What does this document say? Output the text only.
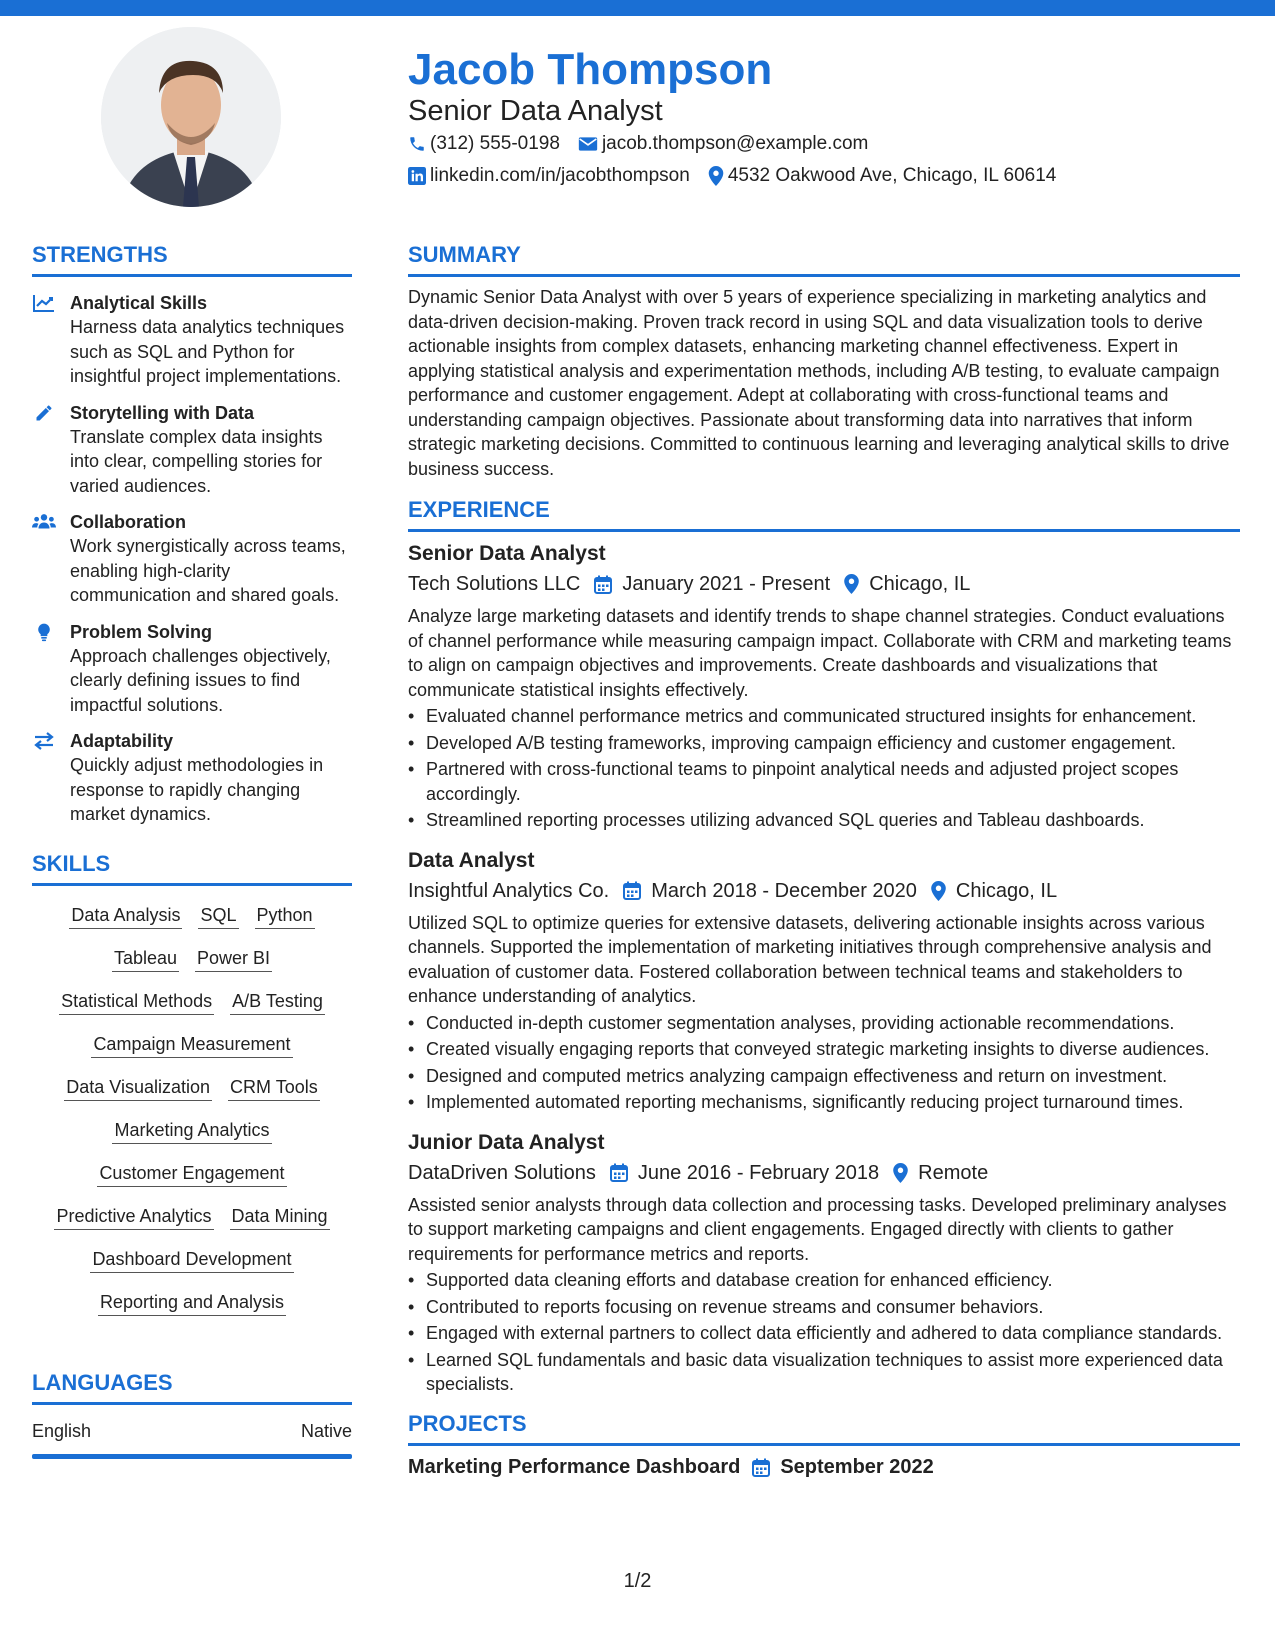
Jacob Thompson
Senior Data Analyst
(312) 555-0198 jacob.thompson@example.com
linkedin.com/in/jacobthompson 4532 Oakwood Ave, Chicago, IL 60614
STRENGTHS
Analytical Skills
Harness data analytics techniques such as SQL and Python for insightful project implementations.
Storytelling with Data
Translate complex data insights into clear, compelling stories for varied audiences.
Collaboration
Work synergistically across teams, enabling high-clarity communication and shared goals.
Problem Solving
Approach challenges objectively, clearly defining issues to find impactful solutions.
Adaptability
Quickly adjust methodologies in response to rapidly changing market dynamics.
SKILLS
Data Analysis SQL Python
Tableau Power BI
Statistical Methods A/B Testing
Campaign Measurement
Data Visualization CRM Tools
Marketing Analytics
Customer Engagement
Predictive Analytics Data Mining
Dashboard Development
Reporting and Analysis
LANGUAGES
English	Native
SUMMARY
Dynamic Senior Data Analyst with over 5 years of experience specializing in marketing analytics and data-driven decision-making. Proven track record in using SQL and data visualization tools to derive actionable insights from complex datasets, enhancing marketing channel effectiveness. Expert in applying statistical analysis and experimentation methods, including A/B testing, to evaluate campaign performance and customer engagement. Adept at collaborating with cross-functional teams and understanding campaign objectives. Passionate about transforming data into narratives that inform strategic marketing decisions. Committed to continuous learning and leveraging analytical skills to drive business success.
EXPERIENCE
Senior Data Analyst
Tech Solutions LLC January 2021 - Present Chicago, IL
Analyze large marketing datasets and identify trends to shape channel strategies. Conduct evaluations of channel performance while measuring campaign impact. Collaborate with CRM and marketing teams to align on campaign objectives and improvements. Create dashboards and visualizations that communicate statistical insights effectively.
• Evaluated channel performance metrics and communicated structured insights for enhancement.
• Developed A/B testing frameworks, improving campaign efficiency and customer engagement.
• Partnered with cross-functional teams to pinpoint analytical needs and adjusted project scopes accordingly.
• Streamlined reporting processes utilizing advanced SQL queries and Tableau dashboards.
Data Analyst
Insightful Analytics Co. March 2018 - December 2020 Chicago, IL
Utilized SQL to optimize queries for extensive datasets, delivering actionable insights across various channels. Supported the implementation of marketing initiatives through comprehensive analysis and evaluation of customer data. Fostered collaboration between technical teams and stakeholders to enhance understanding of analytics.
• Conducted in-depth customer segmentation analyses, providing actionable recommendations.
• Created visually engaging reports that conveyed strategic marketing insights to diverse audiences.
• Designed and computed metrics analyzing campaign effectiveness and return on investment.
• Implemented automated reporting mechanisms, significantly reducing project turnaround times.
Junior Data Analyst
DataDriven Solutions June 2016 - February 2018 Remote
Assisted senior analysts through data collection and processing tasks. Developed preliminary analyses to support marketing campaigns and client engagements. Engaged directly with clients to gather requirements for performance metrics and reports.
• Supported data cleaning efforts and database creation for enhanced efficiency.
• Contributed to reports focusing on revenue streams and consumer behaviors.
• Engaged with external partners to collect data efficiently and adhered to data compliance standards.
• Learned SQL fundamentals and basic data visualization techniques to assist more experienced data specialists.
PROJECTS
Marketing Performance Dashboard September 2022
1/2
